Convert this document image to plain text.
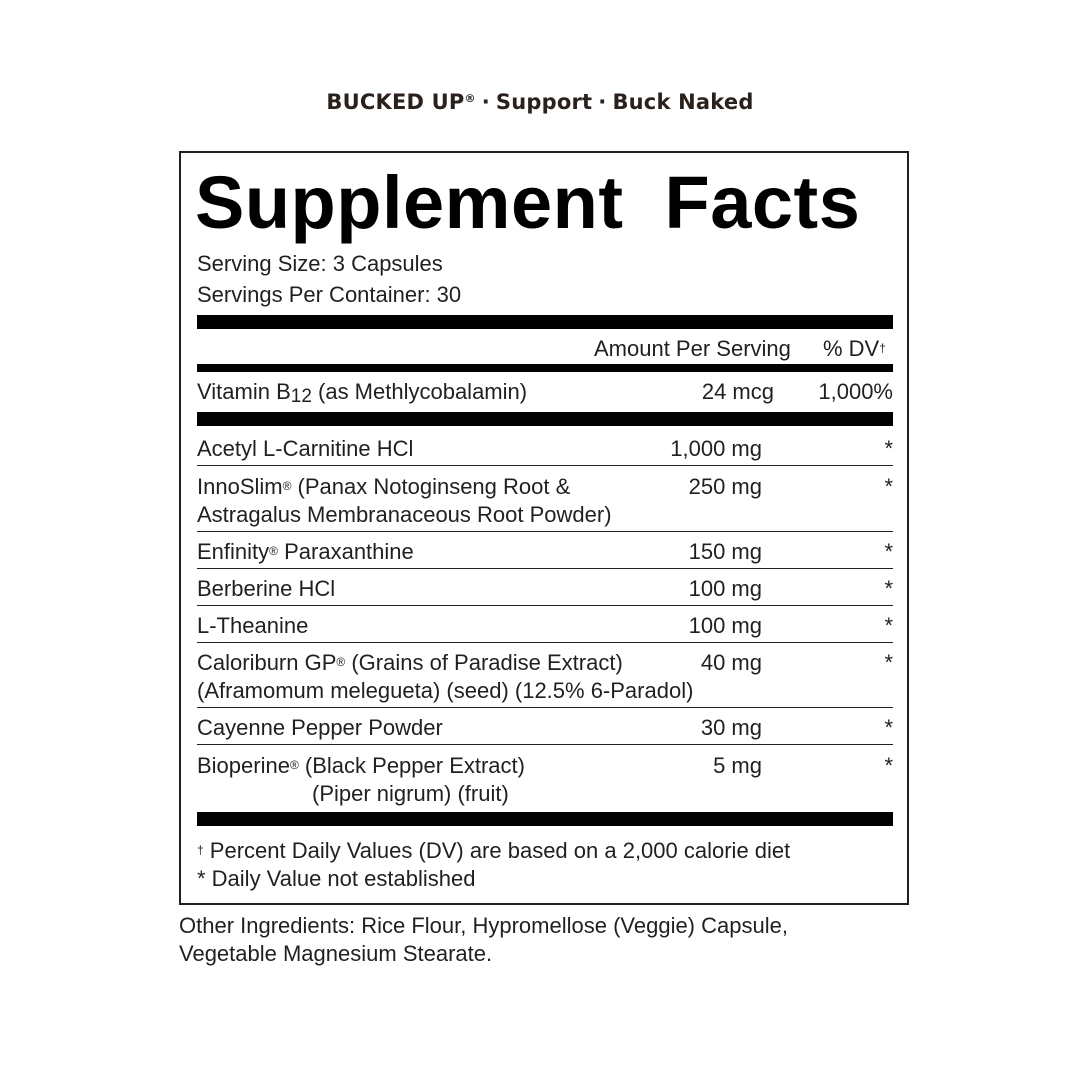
BUCKED UP® · Support · Buck Naked
Supplement Facts
Serving Size: 3 Capsules
Servings Per Container: 30
Amount Per Serving % DV†
Vitamin B12 (as Methlycobalamin)	24 mcg 1,000%
Acetyl L-Carnitine HCl	1,000 mg	*
InnoSlim® (Panax Notoginseng Root &
Astragalus Membranaceous Root Powder)
250 mg	*
Enfinity® Paraxanthine	150 mg	*
Berberine HCl	100 mg	*
L-Theanine	100 mg	*
Caloriburn GP® (Grains of Paradise Extract)
(Aframomum melegueta) (seed) (12.5% 6-Paradol)
40 mg	*
Cayenne Pepper Powder	30 mg	*
Bioperine® (Black Pepper Extract)
(Piper nigrum) (fruit)
5 mg	*
† Percent Daily Values (DV) are based on a 2,000 calorie diet
* Daily Value not established
Other Ingredients: Rice Flour, Hypromellose (Veggie) Capsule,
Vegetable Magnesium Stearate.
